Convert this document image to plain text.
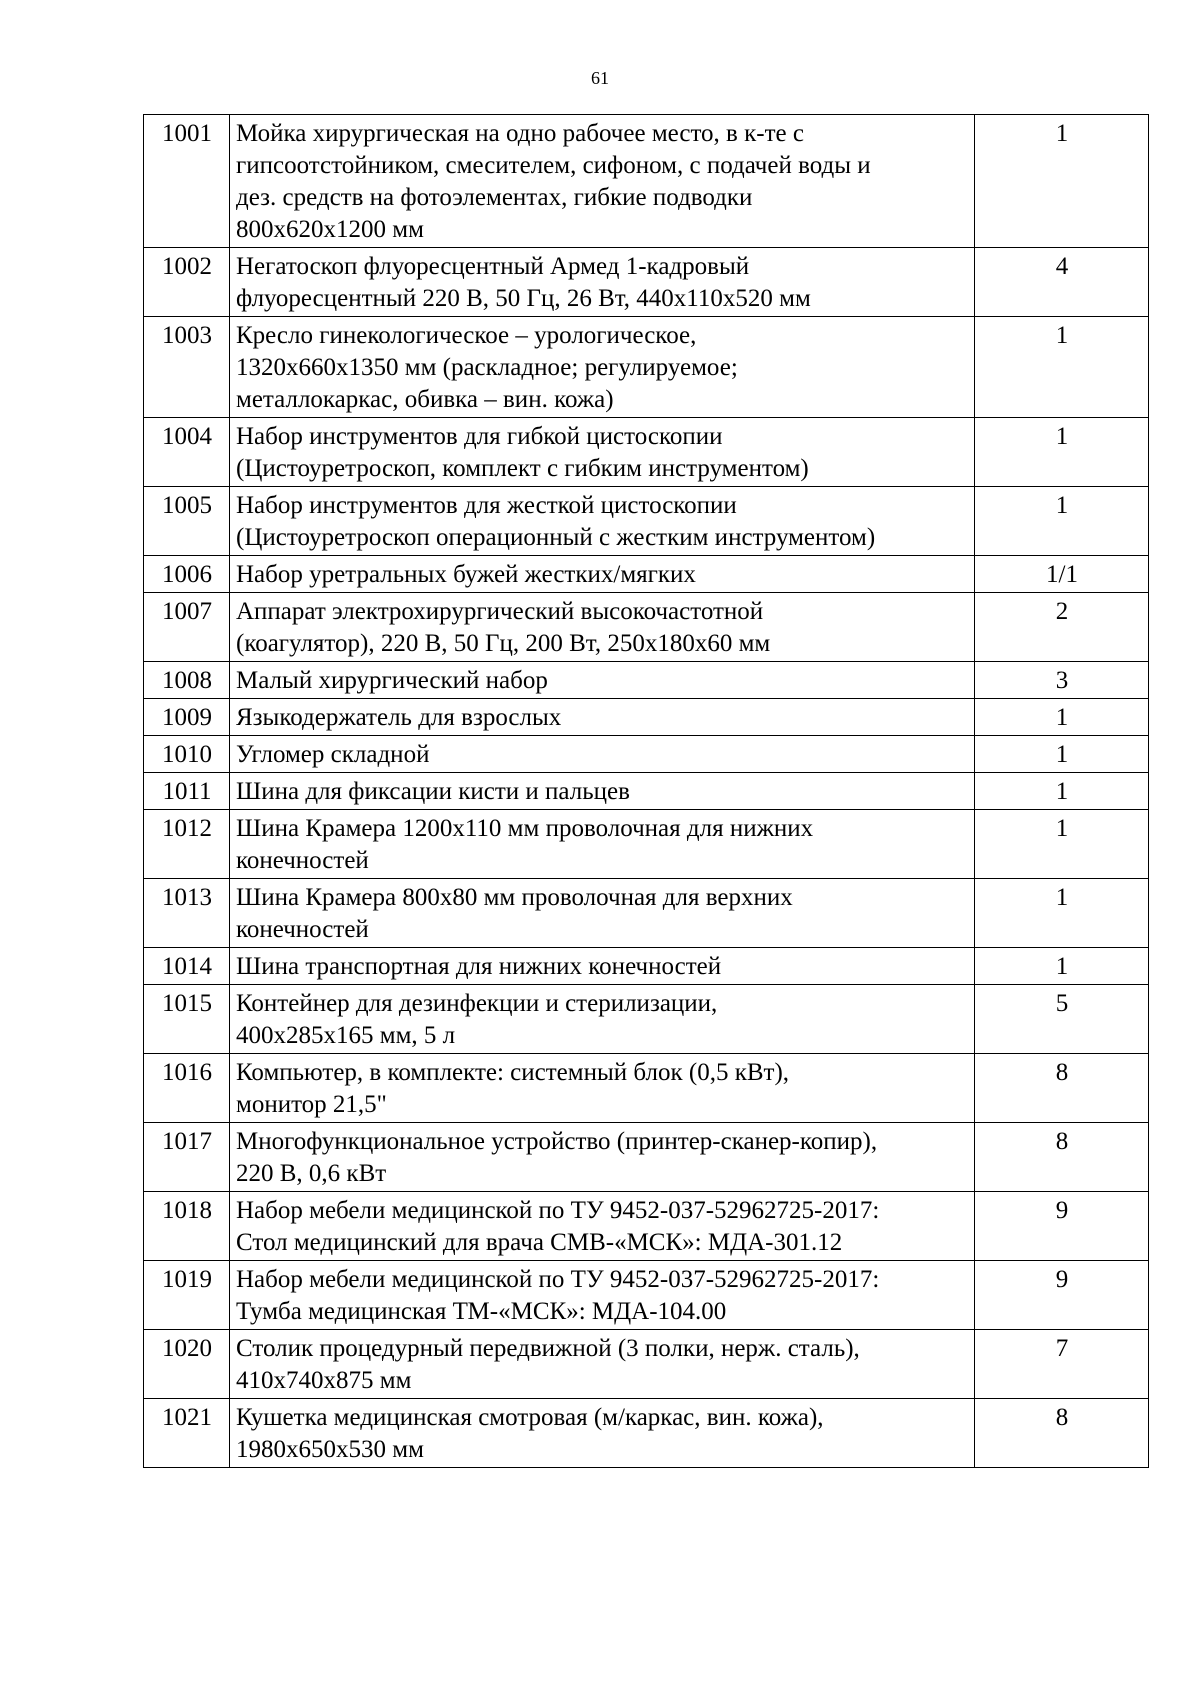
61
1001	Мойка хирургическая на одно рабочее место, в к-те с
гипсоотстойником, смесителем, сифоном, с подачей воды и
дез. средств на фотоэлементах, гибкие подводки
800х620х1200 мм	1
1002	Негатоскоп флуоресцентный Армед 1-кадровый
флуоресцентный 220 В, 50 Гц, 26 Вт, 440х110х520 мм	4
1003	Кресло гинекологическое – урологическое,
1320х660х1350 мм (раскладное; регулируемое;
металлокаркас, обивка – вин. кожа)	1
1004	Набор инструментов для гибкой цистоскопии
(Цистоуретроскоп, комплект с гибким инструментом)	1
1005	Набор инструментов для жесткой цистоскопии
(Цистоуретроскоп операционный с жестким инструментом)	1
1006	Набор уретральных бужей жестких/мягких	1/1
1007	Аппарат электрохирургический высокочастотной
(коагулятор), 220 В, 50 Гц, 200 Вт, 250х180х60 мм	2
1008	Малый хирургический набор	3
1009	Языкодержатель для взрослых	1
1010	Угломер складной	1
1011	Шина для фиксации кисти и пальцев	1
1012	Шина Крамера 1200х110 мм проволочная для нижних
конечностей	1
1013	Шина Крамера 800х80 мм проволочная для верхних
конечностей	1
1014	Шина транспортная для нижних конечностей	1
1015	Контейнер для дезинфекции и стерилизации,
400х285х165 мм, 5 л	5
1016	Компьютер, в комплекте: системный блок (0,5 кВт),
монитор 21,5"	8
1017	Многофункциональное устройство (принтер-сканер-копир),
220 В, 0,6 кВт	8
1018	Набор мебели медицинской по ТУ 9452-037-52962725-2017:
Стол медицинский для врача СМВ-«МСК»: МДА-301.12	9
1019	Набор мебели медицинской по ТУ 9452-037-52962725-2017:
Тумба медицинская ТМ-«МСК»: МДА-104.00	9
1020	Столик процедурный передвижной (3 полки, нерж. сталь),
410х740х875 мм	7
1021	Кушетка медицинская смотровая (м/каркас, вин. кожа),
1980х650х530 мм	8
